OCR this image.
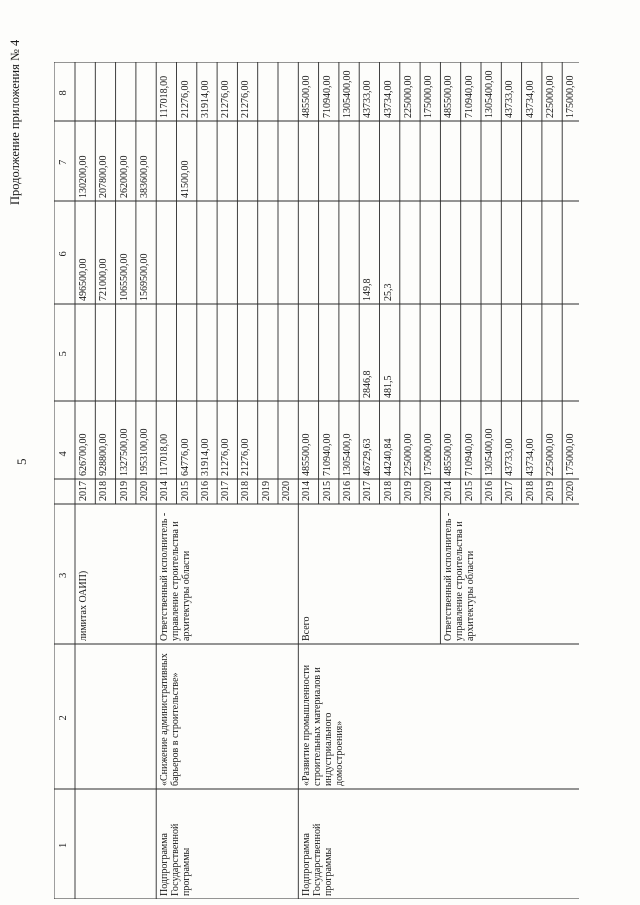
5
Продолжение приложения № 4
1
2
3
4
5
6
7
8
лимитах ОАИП)
2017
626700,00
496500,00
130200,00
2018
928800,00
721000,00
207800,00
2019
1327500,00
1065500,00
262000,00
2020
1953100,00
1569500,00
383600,00
Подпрограмма Государственной программы
«Снижение административных барьеров в строительстве»
Ответственный исполнитель - управление строительства и архитектуры области
2014
117018,00
117018,00
2015
64776,00
41500,00
21276,00
2016
31914,00
31914,00
2017
21276,00
21276,00
2018
21276,00
21276,00
2019 2020
Подпрограмма Государственной программы
«Развитие промышленности строительных материалов и индустриального домостроения»
Всего
2014
485500,00
485500,00
2015
710940,00
710940,00
2016
1305400,0
1305400,00
2017
46729,63
2846,8
149,8
43733,00
2018
44240,84
481,5
25,3
43734,00
2019
225000,00
225000,00
2020
175000,00
175000,00
Ответственный исполнитель - управление строительства и архитектуры области
2014
485500,00
485500,00
2015
710940,00
710940,00
2016
1305400,00
1305400,00
2017
43733,00
43733,00
2018
43734,00
43734,00
2019
225000,00
225000,00
2020
175000,00
175000,00
